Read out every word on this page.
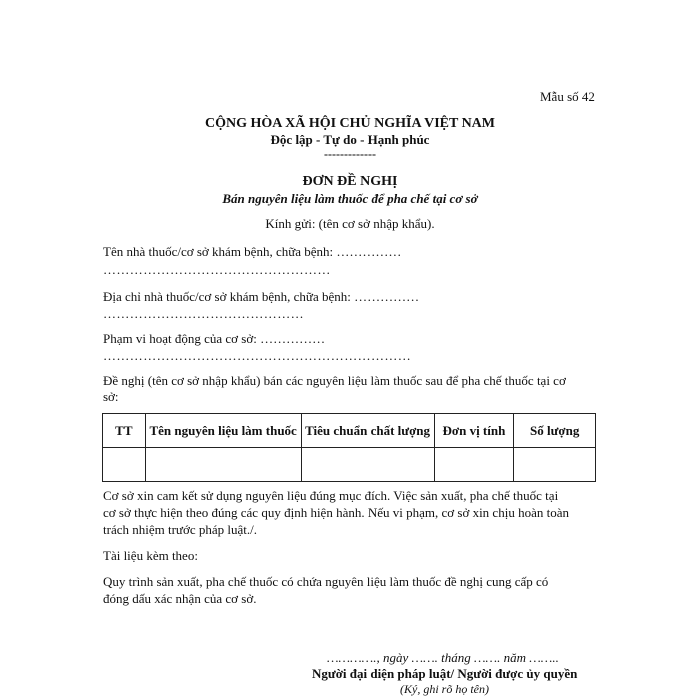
Mẫu số 42
CỘNG HÒA XÃ HỘI CHỦ NGHĨA VIỆT NAM
Độc lập - Tự do - Hạnh phúc
-------------
ĐƠN ĐỀ NGHỊ
Bán nguyên liệu làm thuốc để pha chế tại cơ sở
Kính gửi: (tên cơ sở nhập khẩu).
Tên nhà thuốc/cơ sở khám bệnh, chữa bệnh: ……………
……………………………………………
Địa chỉ nhà thuốc/cơ sở khám bệnh, chữa bệnh: ……………
………………………………………
Phạm vi hoạt động của cơ sở: ……………
……………………………………………………………
Đề nghị (tên cơ sở nhập khẩu) bán các nguyên liệu làm thuốc sau để pha chế thuốc tại cơ
sở:
TT	Tên nguyên liệu làm thuốc	Tiêu chuẩn chất lượng	Đơn vị tính	Số lượng

Cơ sở xin cam kết sử dụng nguyên liệu đúng mục đích. Việc sản xuất, pha chế thuốc tại
cơ sở thực hiện theo đúng các quy định hiện hành. Nếu vi phạm, cơ sở xin chịu hoàn toàn
trách nhiệm trước pháp luật./.
Tài liệu kèm theo:
Quy trình sản xuất, pha chế thuốc có chứa nguyên liệu làm thuốc đề nghị cung cấp có
đóng dấu xác nhận của cơ sở.
…………., ngày ……. tháng ……. năm ……..
Người đại diện pháp luật/ Người được ủy quyền
(Ký, ghi rõ họ tên)
